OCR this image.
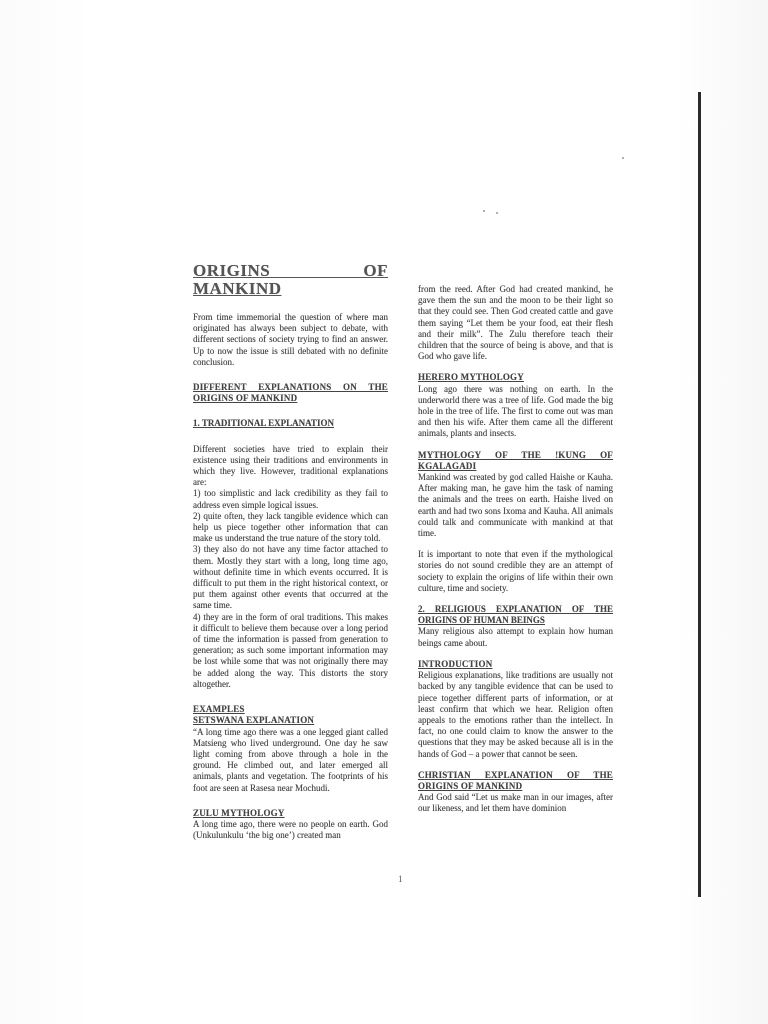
ORIGINS OF MANKIND

From time immemorial the question of where man originated has always been subject to debate, with different sections of society trying to find an answer. Up to now the issue is still debated with no definite conclusion.

DIFFERENT EXPLANATIONS ON THE ORIGINS OF MANKIND

1. TRADITIONAL EXPLANATION

Different societies have tried to explain their existence using their traditions and environments in which they live. However, traditional explanations are:

1) too simplistic and lack credibility as they fail to address even simple logical issues.

2) quite often, they lack tangible evidence which can help us piece together other information that can make us understand the true nature of the story told.

3) they also do not have any time factor attached to them. Mostly they start with a long, long time ago, without definite time in which events occurred. It is difficult to put them in the right historical context, or put them against other events that occurred at the same time.

4) they are in the form of oral traditions. This makes it difficult to believe them because over a long period of time the information is passed from generation to generation; as such some important information may be lost while some that was not originally there may be added along the way. This distorts the story altogether.

EXAMPLES

SETSWANA EXPLANATION

“A long time ago there was a one legged giant called Matsieng who lived underground. One day he saw light coming from above through a hole in the ground. He climbed out, and later emerged all animals, plants and vegetation. The footprints of his foot are seen at Rasesa near Mochudi.

ZULU MYTHOLOGY

A long time ago, there were no people on earth. God (Unkulunkulu ‘the big one’) created man

from the reed. After God had created mankind, he gave them the sun and the moon to be their light so that they could see. Then God created cattle and gave them saying “Let them be your food, eat their flesh and their milk”. The Zulu therefore teach their children that the source of being is above, and that is God who gave life.

HERERO MYTHOLOGY

Long ago there was nothing on earth. In the underworld there was a tree of life. God made the big hole in the tree of life. The first to come out was man and then his wife. After them came all the different animals, plants and insects.

MYTHOLOGY OF THE !KUNG OF KGALAGADI

Mankind was created by god called Haishe or Kauha. After making man, he gave him the task of naming the animals and the trees on earth. Haishe lived on earth and had two sons Ixoma and Kauha. All animals could talk and communicate with mankind at that time.

It is important to note that even if the mythological stories do not sound credible they are an attempt of society to explain the origins of life within their own culture, time and society.

2. RELIGIOUS EXPLANATION OF THE ORIGINS OF HUMAN BEINGS

Many religious also attempt to explain how human beings came about.

INTRODUCTION

Religious explanations, like traditions are usually not backed by any tangible evidence that can be used to piece together different parts of information, or at least confirm that which we hear. Religion often appeals to the emotions rather than the intellect. In fact, no one could claim to know the answer to the questions that they may be asked because all is in the hands of God – a power that cannot be seen.

CHRISTIAN EXPLANATION OF THE ORIGINS OF MANKIND

And God said “Let us make man in our images, after our likeness, and let them have dominion

1
